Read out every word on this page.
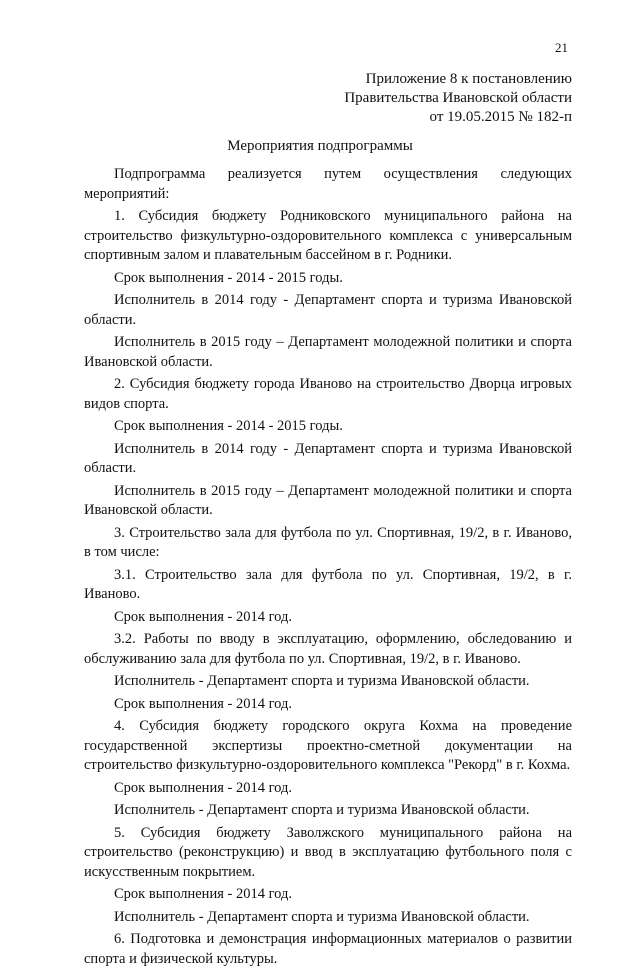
21
Приложение 8 к постановлению
Правительства Ивановской области
от 19.05.2015 № 182-п
Мероприятия подпрограммы

Подпрограмма реализуется путем осуществления следующих мероприятий:

1. Субсидия бюджету Родниковского муниципального района на строительство физкультурно-оздоровительного комплекса с универсальным спортивным залом и плавательным бассейном в г. Родники.

Срок выполнения - 2014 - 2015 годы.

Исполнитель в 2014 году - Департамент спорта и туризма Ивановской области.

Исполнитель в 2015 году – Департамент молодежной политики и спорта Ивановской области.

2. Субсидия бюджету города Иваново на строительство Дворца игровых видов спорта.

Срок выполнения - 2014 - 2015 годы.

Исполнитель в 2014 году - Департамент спорта и туризма Ивановской области.

Исполнитель в 2015 году – Департамент молодежной политики и спорта Ивановской области.

3. Строительство зала для футбола по ул. Спортивная, 19/2, в г. Иваново, в том числе:

3.1. Строительство зала для футбола по ул. Спортивная, 19/2, в г. Иваново.

Срок выполнения - 2014 год.

3.2. Работы по вводу в эксплуатацию, оформлению, обследованию и обслуживанию зала для футбола по ул. Спортивная, 19/2, в г. Иваново.

Исполнитель - Департамент спорта и туризма Ивановской области.

Срок выполнения - 2014 год.

4. Субсидия бюджету городского округа Кохма на проведение государственной экспертизы проектно-сметной документации на строительство физкультурно-оздоровительного комплекса "Рекорд" в г. Кохма.

Срок выполнения - 2014 год.

Исполнитель - Департамент спорта и туризма Ивановской области.

5. Субсидия бюджету Заволжского муниципального района на строительство (реконструкцию) и ввод в эксплуатацию футбольного поля с искусственным покрытием.

Срок выполнения - 2014 год.

Исполнитель - Департамент спорта и туризма Ивановской области.

6. Подготовка и демонстрация информационных материалов о развитии спорта и физической культуры.
